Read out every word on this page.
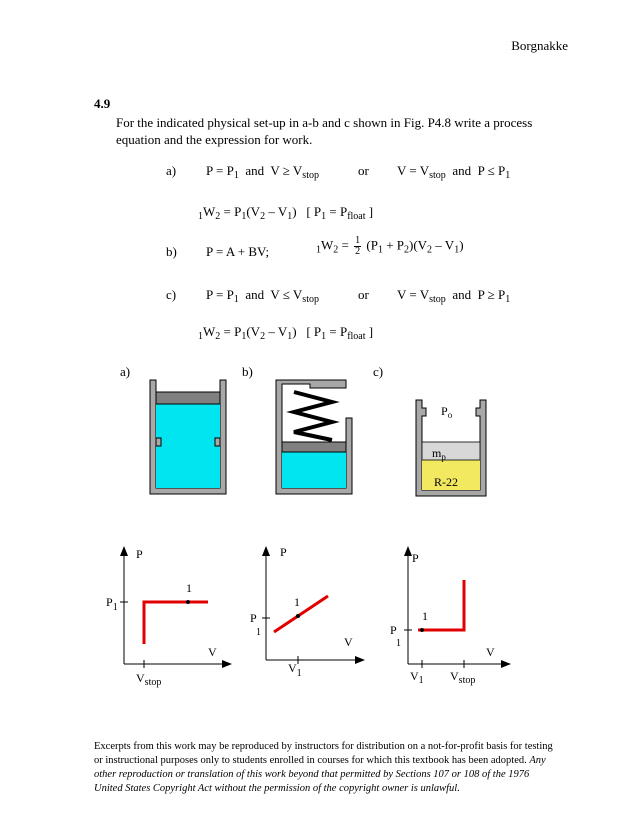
Borgnakke
4.9
For the indicated physical set-up in a-b and c shown in Fig. P4.8 write a process equation and the expression for work.
a) $P = P_1$  and  $V \ge V_{stop}$	or $V = V_{stop}$  and  $P \le P_1$
$_1W_2 = P_1(V_2 - V_1)$ [ $P_1 = P_{float}$ ]
b) P = A + BV;	$_1W_2 = \frac{1}{2} (P_1 + P_2)(V_2 - V_1)$
c) $P = P_1$  and  $V \le V_{stop}$	or $V = V_{stop}$  and  $P \ge P_1$
$_1W_2 = P_1(V_2 - V_1)$ [ $P_1 = P_{float}$ ]
a)	b)	c)
$P_o$
$m_p$
R-22
P
V
$P_1$
1
$V_{stop}$
P
V
P1
1
$V_1$
P
V
P1
1
$V_1$ $V_{stop}$
Excerpts from this work may be reproduced by instructors for distribution on a not-for-profit basis for testing or instructional purposes only to students enrolled in courses for which this textbook has been adopted. Any other reproduction or translation of this work beyond that permitted by Sections 107 or 108 of the 1976 United States Copyright Act without the permission of the copyright owner is unlawful.
